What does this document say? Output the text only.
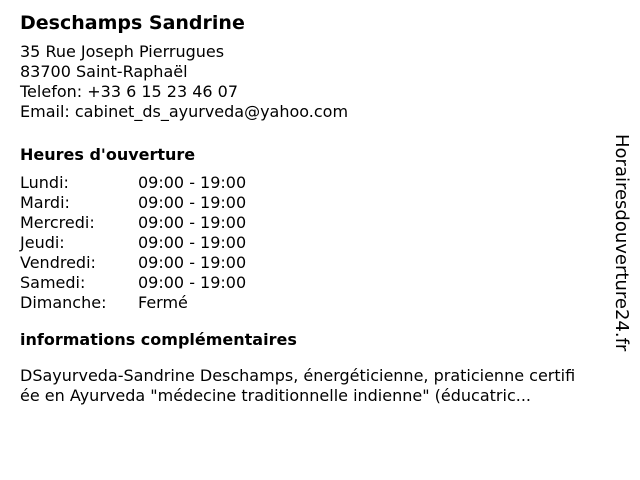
Deschamps Sandrine
35 Rue Joseph Pierrugues
83700 Saint-Raphaël
Telefon: +33 6 15 23 46 07
Email: cabinet_ds_ayurveda@yahoo.com
Heures d'ouverture
Lundi:	09:00 - 19:00
Mardi:	09:00 - 19:00
Mercredi:	09:00 - 19:00
Jeudi:	09:00 - 19:00
Vendredi:	09:00 - 19:00
Samedi:	09:00 - 19:00
Dimanche:	Fermé
informations complémentaires
DSayurveda-Sandrine Deschamps, énergéticienne, praticienne certifi
ée en Ayurveda "médecine traditionnelle indienne" (éducatric...
Horairesdouverture24.fr
